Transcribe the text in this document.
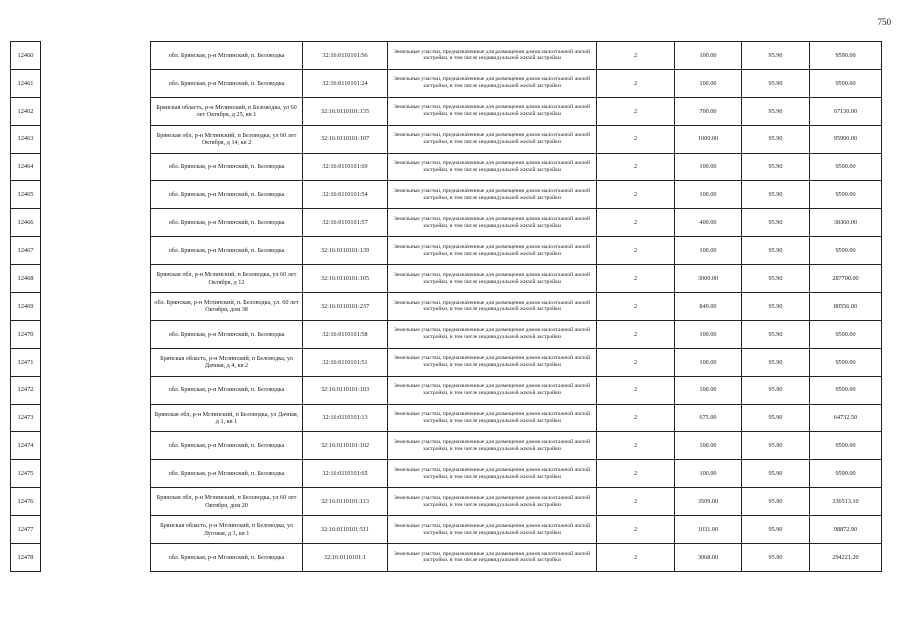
750
12460		обл. Брянская, р-н Мглинский, п. Беловодка	32:16:0110101:56	Земельные участки, предназначенные для размещения домов малоэтажной жилой застройки, в том числе индивидуальной жилой застройки	2	100.00	95.90	9590.00
12461		обл. Брянская, р-н Мглинский, п. Беловодка	32:16:0110101:24	Земельные участки, предназначенные для размещения домов малоэтажной жилой застройки, в том числе индивидуальной жилой застройки	2	100.00	95.90	9590.00
12462		Брянская область, р-н Мглинский, п Беловодка, ул 60 лет Октября, д 25, кв 1	32:16:0110101:135	Земельные участки, предназначенные для размещения домов малоэтажной жилой застройки, в том числе индивидуальной жилой застройки	2	700.00	95.90	67130.00
12463		Брянская обл, р-н Мглинский, п Беловодка, ул 60 лет Октября, д 14, кв 2	32:16:0110101:107	Земельные участки, предназначенные для размещения домов малоэтажной жилой застройки, в том числе индивидуальной жилой застройки	2	1000.00	95.90	95900.00
12464		обл. Брянская, р-н Мглинский, п. Беловодка	32:16:0110101:69	Земельные участки, предназначенные для размещения домов малоэтажной жилой застройки, в том числе индивидуальной жилой застройки	2	100.00	95.90	9590.00
12465		обл. Брянская, р-н Мглинский, п. Беловодка	32:16:0110101:54	Земельные участки, предназначенные для размещения домов малоэтажной жилой застройки, в том числе индивидуальной жилой застройки	2	100.00	95.90	9590.00
12466		обл. Брянская, р-н Мглинский, п. Беловодка	32:16:0110101:57	Земельные участки, предназначенные для размещения домов малоэтажной жилой застройки, в том числе индивидуальной жилой застройки	2	400.00	95.90	38360.00
12467		обл. Брянская, р-н Мглинский, п. Беловодка	32:16:0110101:139	Земельные участки, предназначенные для размещения домов малоэтажной жилой застройки, в том числе индивидуальной жилой застройки	2	100.00	95.90	9590.00
12468		Брянская обл, р-н Мглинский, п Беловодка, ул 60 лет Октября, д 12	32:16:0110101:105	Земельные участки, предназначенные для размещения домов малоэтажной жилой застройки, в том числе индивидуальной жилой застройки	2	3000.00	95.90	287700.00
12469		обл. Брянская, р-н Мглинский, п. Беловодка, ул. 60 лет Октября, дом 38	32:16:0110101:237	Земельные участки, предназначенные для размещения домов малоэтажной жилой застройки, в том числе индивидуальной жилой застройки	2	840.00	95.90	80556.00
12470		обл. Брянская, р-н Мглинский, п. Беловодка	32:16:0110101:58	Земельные участки, предназначенные для размещения домов малоэтажной жилой застройки, в том числе индивидуальной жилой застройки	2	100.00	95.90	9590.00
12471		Брянская область, р-н Мглинский, п Беловодка, ул Дачная, д 4, кв 2	32:16:0110101:51	Земельные участки, предназначенные для размещения домов малоэтажной жилой застройки, в том числе индивидуальной жилой застройки	2	100.00	95.90	9590.00
12472		обл. Брянская, р-н Мглинский, п. Беловодка	32:16:0110101:103	Земельные участки, предназначенные для размещения домов малоэтажной жилой застройки, в том числе индивидуальной жилой застройки	2	100.00	95.90	9590.00
12473		Брянская обл, р-н Мглинский, п Беловодка, ул Дачная, д 1, кв 1	32:16:0110101:13	Земельные участки, предназначенные для размещения домов малоэтажной жилой застройки, в том числе индивидуальной жилой застройки	2	675.00	95.90	64732.50
12474		обл. Брянская, р-н Мглинский, п. Беловодка	32:16:0110101:102	Земельные участки, предназначенные для размещения домов малоэтажной жилой застройки, в том числе индивидуальной жилой застройки	2	100.00	95.90	9590.00
12475		обл. Брянская, р-н Мглинский, п. Беловодка	32:16:0110101:65	Земельные участки, предназначенные для размещения домов малоэтажной жилой застройки, в том числе индивидуальной жилой застройки	2	100.00	95.90	9590.00
12476		Брянская обл, р-н Мглинский, п Беловодка, ул 60 лет Октября, дом 20	32:16:0110101:113	Земельные участки, предназначенные для размещения домов малоэтажной жилой застройки, в том числе индивидуальной жилой застройки	2	3509.00	95.90	336513.10
12477		Брянская область, р-н Мглинский, п Беловодка, ул Луговая, д 3, кв 1	32:16:0110101:511	Земельные участки, предназначенные для размещения домов малоэтажной жилой застройки, в том числе индивидуальной жилой застройки	2	1031.00	95.90	98872.90
12478		обл. Брянская, р-н Мглинский, п. Беловодка	32:16:0110101:1	Земельные участки, предназначенные для размещения домов малоэтажной жилой застройки, в том числе индивидуальной жилой застройки	2	3068.00	95.90	294221.20
